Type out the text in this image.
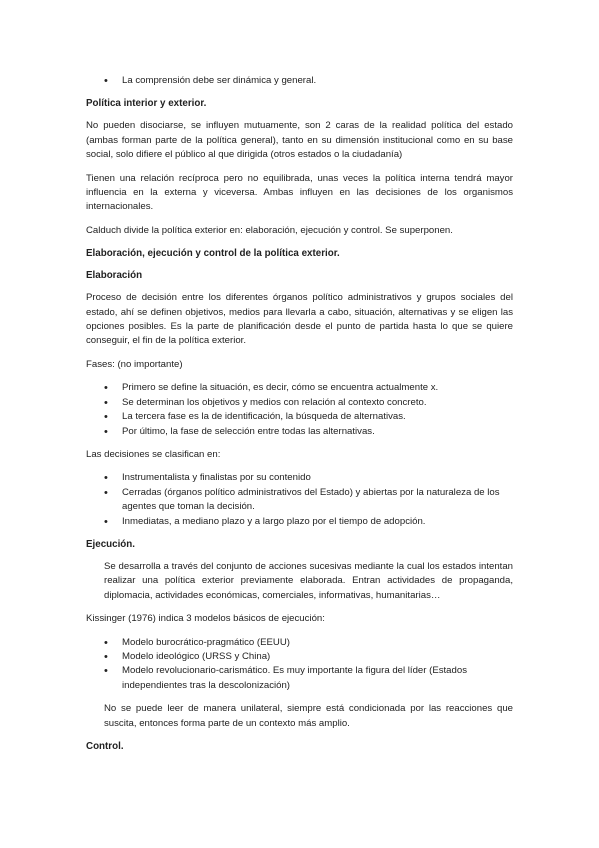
• La comprensión debe ser dinámica y general.
Política interior y exterior.

No pueden disociarse, se influyen mutuamente, son 2 caras de la realidad política del estado (ambas forman parte de la política general), tanto en su dimensión institucional como en su base social, solo difiere el público al que dirigida (otros estados o la ciudadanía)

Tienen una relación recíproca pero no equilibrada, unas veces la política interna tendrá mayor influencia en la externa y viceversa. Ambas influyen en las decisiones de los organismos internacionales.

Calduch divide la política exterior en: elaboración, ejecución y control. Se superponen.

Elaboración, ejecución y control de la política exterior.
Elaboración

Proceso de decisión entre los diferentes órganos político administrativos y grupos sociales del estado, ahí se definen objetivos, medios para llevarla a cabo, situación, alternativas y se eligen las opciones posibles. Es la parte de planificación desde el punto de partida hasta lo que se quiere conseguir, el fin de la política exterior.

Fases: (no importante)

• Primero se define la situación, es decir, cómo se encuentra actualmente x.
• Se determinan los objetivos y medios con relación al contexto concreto.
• La tercera fase es la de identificación, la búsqueda de alternativas.
• Por último, la fase de selección entre todas las alternativas.

Las decisiones se clasifican en:

• Instrumentalista y finalistas por su contenido
• Cerradas (órganos político administrativos del Estado) y abiertas por la naturaleza de los agentes que toman la decisión.
• Inmediatas, a mediano plazo y a largo plazo por el tiempo de adopción.
Ejecución.

Se desarrolla a través del conjunto de acciones sucesivas mediante la cual los estados intentan realizar una política exterior previamente elaborada. Entran actividades de propaganda, diplomacia, actividades económicas, comerciales, informativas, humanitarias…

Kissinger (1976) indica 3 modelos básicos de ejecución:

• Modelo burocrático-pragmático (EEUU)
• Modelo ideológico (URSS y China)
• Modelo revolucionario-carismático. Es muy importante la figura del líder (Estados independientes tras la descolonización)

No se puede leer de manera unilateral, siempre está condicionada por las reacciones que suscita, entonces forma parte de un contexto más amplio.

Control.
